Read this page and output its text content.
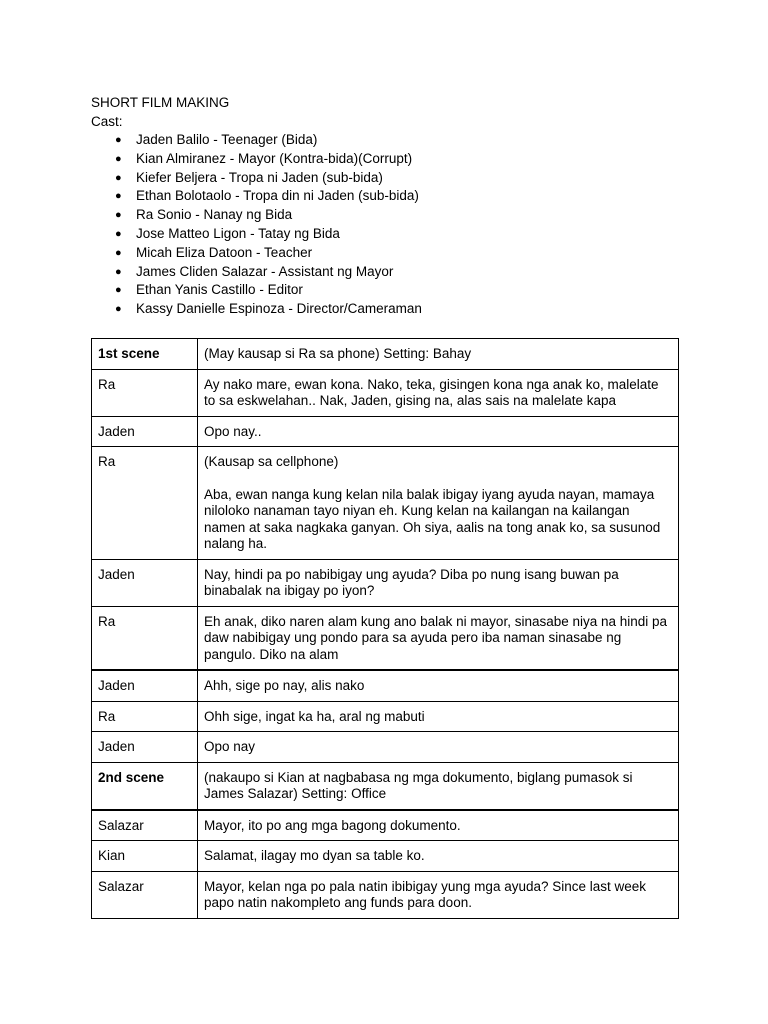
SHORT FILM MAKING
Cast:
● Jaden Balilo - Teenager (Bida)
● Kian Almiranez - Mayor (Kontra-bida)(Corrupt)
● Kiefer Beljera - Tropa ni Jaden (sub-bida)
● Ethan Bolotaolo - Tropa din ni Jaden (sub-bida)
● Ra Sonio - Nanay ng Bida
● Jose Matteo Ligon - Tatay ng Bida
● Micah Eliza Datoon - Teacher
● James Cliden Salazar - Assistant ng Mayor
● Ethan Yanis Castillo - Editor
● Kassy Danielle Espinoza - Director/Cameraman
1st scene	(May kausap si Ra sa phone) Setting: Bahay
Ra	Ay nako mare, ewan kona. Nako, teka, gisingen kona nga anak ko, malelate to sa eskwelahan.. Nak, Jaden, gising na, alas sais na malelate kapa
Jaden	Opo nay..
Ra	(Kausap sa cellphone)
Aba, ewan nanga kung kelan nila balak ibigay iyang ayuda nayan, mamaya niloloko nanaman tayo niyan eh. Kung kelan na kailangan na kailangan namen at saka nagkaka ganyan. Oh siya, aalis na tong anak ko, sa susunod nalang ha.

Jaden	Nay, hindi pa po nabibigay ung ayuda? Diba po nung isang buwan pa binabalak na ibigay po iyon?
Ra	Eh anak, diko naren alam kung ano balak ni mayor, sinasabe niya na hindi pa daw nabibigay ung pondo para sa ayuda pero iba naman sinasabe ng pangulo. Diko na alam
Jaden	Ahh, sige po nay, alis nako
Ra	Ohh sige, ingat ka ha, aral ng mabuti
Jaden	Opo nay
2nd scene	(nakaupo si Kian at nagbabasa ng mga dokumento, biglang pumasok si James Salazar) Setting: Office
Salazar	Mayor, ito po ang mga bagong dokumento.
Kian	Salamat, ilagay mo dyan sa table ko.
Salazar	Mayor, kelan nga po pala natin ibibigay yung mga ayuda? Since last week papo natin nakompleto ang funds para doon.
